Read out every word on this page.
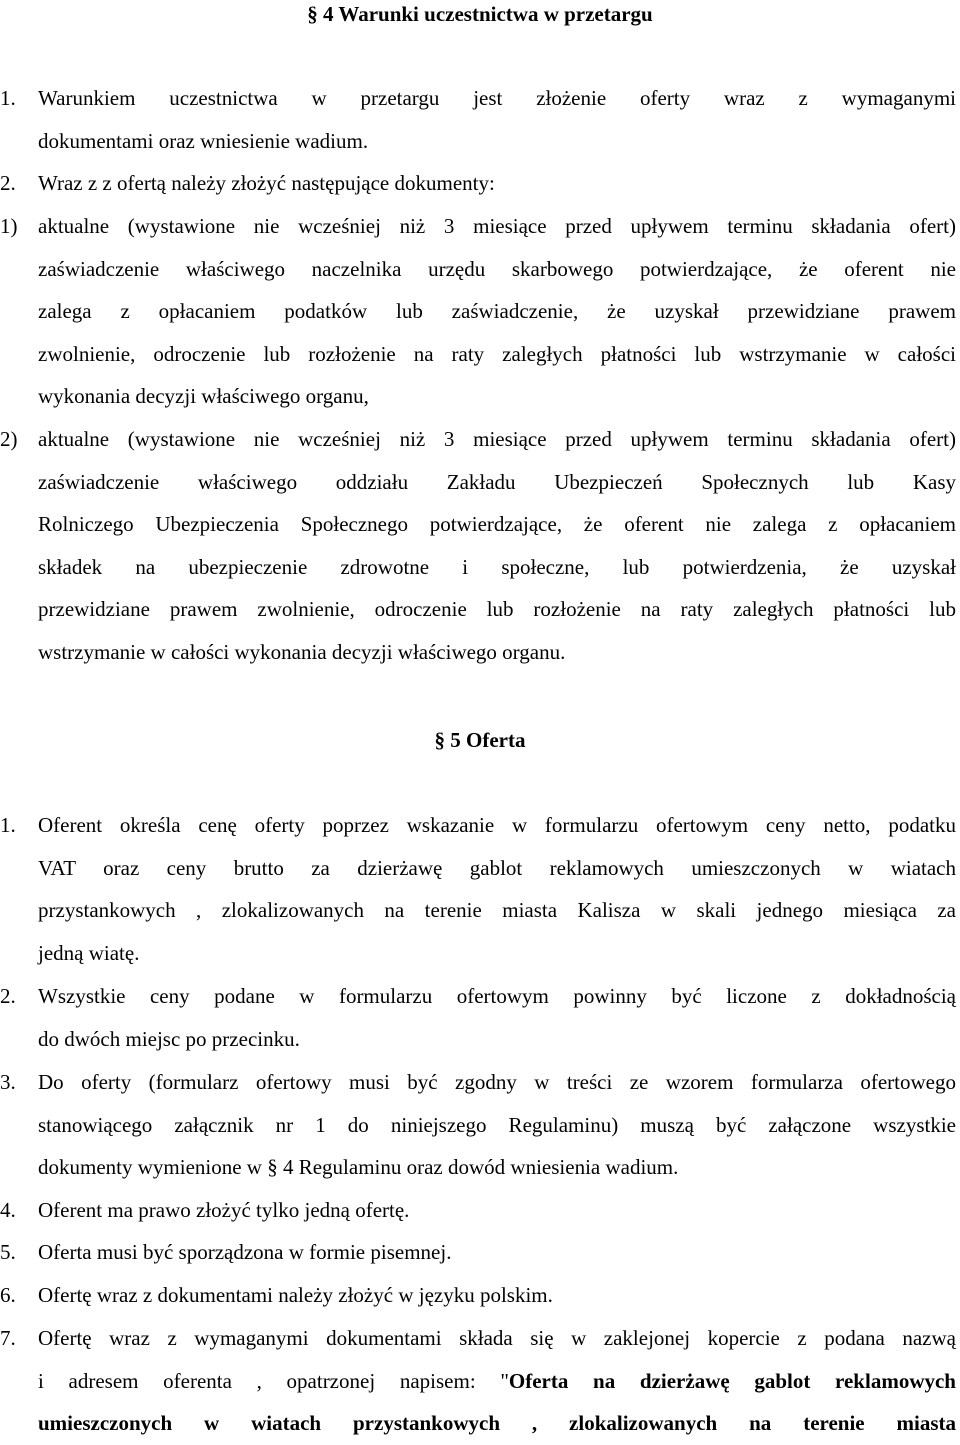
§ 4 Warunki uczestnictwa w przetargu
1.	Warunkiem uczestnictwa w przetargu jest złożenie oferty wraz z wymaganymi
dokumentami oraz wniesienie wadium.
2.	Wraz z z ofertą należy złożyć następujące dokumenty:
1) aktualne (wystawione nie wcześniej niż 3 miesiące przed upływem terminu składania ofert)
zaświadczenie właściwego naczelnika urzędu skarbowego potwierdzające, że oferent nie
zalega z opłacaniem podatków lub zaświadczenie, że uzyskał przewidziane prawem
zwolnienie, odroczenie lub rozłożenie na raty zaległych płatności lub wstrzymanie w całości
wykonania decyzji właściwego organu,
2) aktualne (wystawione nie wcześniej niż 3 miesiące przed upływem terminu składania ofert)
zaświadczenie właściwego oddziału Zakładu Ubezpieczeń Społecznych lub Kasy
Rolniczego Ubezpieczenia Społecznego potwierdzające, że oferent nie zalega z opłacaniem
składek na ubezpieczenie zdrowotne i społeczne, lub potwierdzenia, że uzyskał
przewidziane prawem zwolnienie, odroczenie lub rozłożenie na raty zaległych płatności lub
wstrzymanie w całości wykonania decyzji właściwego organu.
§ 5 Oferta
1.	Oferent określa cenę oferty poprzez wskazanie w formularzu ofertowym ceny netto, podatku
VAT oraz ceny brutto za dzierżawę gablot reklamowych umieszczonych w wiatach
przystankowych , zlokalizowanych na terenie miasta Kalisza w skali jednego miesiąca za
jedną wiatę.
2.	Wszystkie ceny podane w formularzu ofertowym powinny być liczone z dokładnością
do dwóch miejsc po przecinku.
3.	Do oferty (formularz ofertowy musi być zgodny w treści ze wzorem formularza ofertowego
stanowiącego załącznik nr 1 do niniejszego Regulaminu) muszą być załączone wszystkie
dokumenty wymienione w § 4 Regulaminu oraz dowód wniesienia wadium.
4.	Oferent ma prawo złożyć tylko jedną ofertę.
5.	Oferta musi być sporządzona w formie pisemnej.
6.	Ofertę wraz z dokumentami należy złożyć w języku polskim.
7.	Ofertę wraz z wymaganymi dokumentami składa się w zaklejonej kopercie z podana nazwą
i adresem oferenta , opatrzonej napisem: "Oferta na dzierżawę gablot reklamowych
umieszczonych w wiatach przystankowych , zlokalizowanych na terenie miasta
